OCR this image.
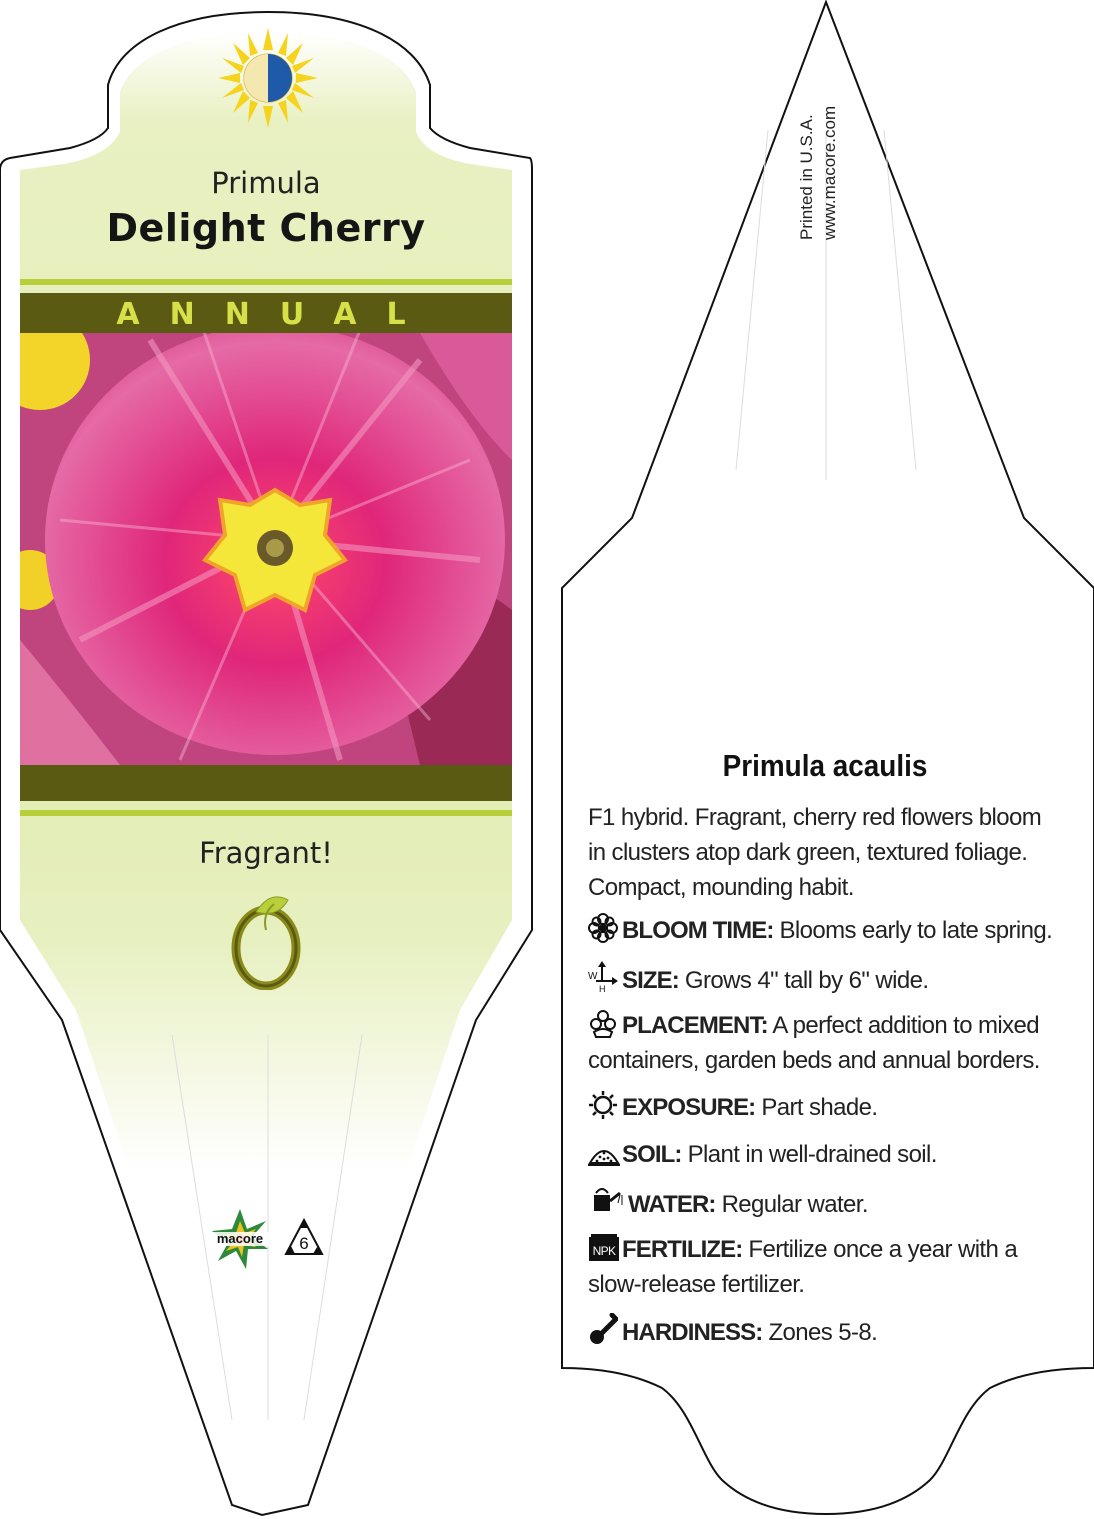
Primula
Delight Cherry
ANNUAL
Fragrant!
macore 6
Printed in U.S.A. www.macore.com
Primula acaulis
F1 hybrid. Fragrant, cherry red flowers bloom in clusters atop dark green, textured foliage. Compact, mounding habit.
BLOOM TIME: Blooms early to late spring.
W
H SIZE: Grows 4" tall by 6" wide.
PLACEMENT: A perfect addition to mixed containers, garden beds and annual borders.
EXPOSURE: Part shade.
SOIL: Plant in well-drained soil.
WATER: Regular water.
NPK FERTILIZE: Fertilize once a year with a slow-release fertilizer.
HARDINESS: Zones 5-8.
